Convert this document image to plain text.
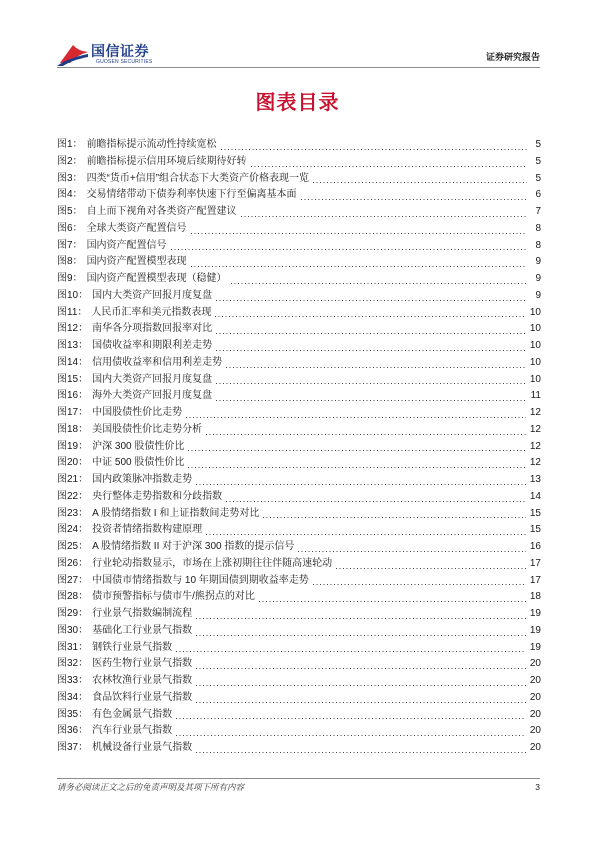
国信证券
GUOSEN SECURITIES	证券研究报告
图表目录
图1： 前瞻指标提示流动性持续宽松	5
图2： 前瞻指标提示信用环境后续期待好转	5
图3： 四类“货币+信用”组合状态下大类资产价格表现一览	5
图4： 交易情绪带动下债券利率快速下行至偏离基本面	6
图5： 自上而下视角对各类资产配置建议	7
图6： 全球大类资产配置信号	8
图7： 国内资产配置信号	8
图8： 国内资产配置模型表现	9
图9： 国内资产配置模型表现（稳健）	9
图10： 国内大类资产回报月度复盘	9
图11： 人民币汇率和美元指数表现	10
图12： 南华各分项指数回报率对比	10
图13： 国债收益率和期限利差走势	10
图14： 信用债收益率和信用利差走势	10
图15： 国内大类资产回报月度复盘	10
图16： 海外大类资产回报月度复盘	11
图17： 中国股债性价比走势	12
图18： 美国股债性价比走势分析	12
图19： 沪深 300 股债性价比	12
图20： 中证 500 股债性价比	12
图21： 国内政策脉冲指数走势	13
图22： 央行整体走势指数和分歧指数	14
图23： A 股情绪指数 I 和上证指数间走势对比	15
图24： 投资者情绪指数构建原理	15
图25： A 股情绪指数 II 对于沪深 300 指数的提示信号	16
图26： 行业轮动指数显示，市场在上涨初期往往伴随高速轮动	17
图27： 中国债市情绪指数与 10 年期国债到期收益率走势	17
图28： 债市预警指标与债市牛/熊拐点的对比	18
图29： 行业景气指数编制流程	19
图30： 基础化工行业景气指数	19
图31： 钢铁行业景气指数	19
图32： 医药生物行业景气指数	20
图33： 农林牧渔行业景气指数	20
图34： 食品饮料行业景气指数	20
图35： 有色金属景气指数	20
图36： 汽车行业景气指数	20
图37： 机械设备行业景气指数	20
请务必阅读正文之后的免责声明及其项下所有内容	3
